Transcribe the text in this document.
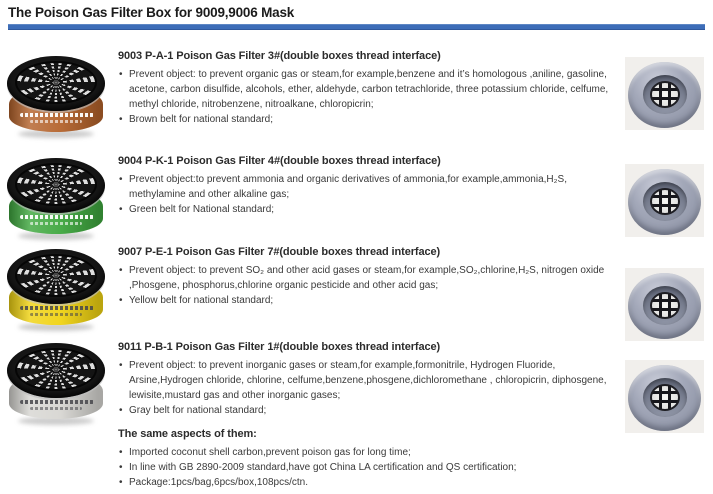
The Poison Gas Filter Box for 9009,9006 Mask
9003 P-A-1 Poison Gas Filter 3#(double boxes thread interface)
• Prevent object: to prevent organic gas or steam,for example,benzene and it’s homologous ,aniline, gasoline, acetone, carbon disulfide, alcohols, ether, aldehyde, carbon tetrachloride, three potassium chloride, celfume, methyl chloride, nitrobenzene, nitroalkane, chloropicrin;
• Brown belt for national standard;
9004 P-K-1 Poison Gas Filter 4#(double boxes thread interface)
• Prevent object:to prevent ammonia and organic derivatives of ammonia,for example,ammonia,H₂S, methylamine and other alkaline gas;
• Green belt for National standard;
9007 P-E-1 Poison Gas Filter 7#(double boxes thread interface)
• Prevent object: to prevent SO₂ and other acid gases or steam,for example,SO₂,chlorine,H₂S, nitrogen oxide ,Phosgene, phosphorus,chlorine organic pesticide and other acid gas;
• Yellow belt for national standard;
9011 P-B-1 Poison Gas Filter 1#(double boxes thread interface)
• Prevent object: to prevent inorganic gases or steam,for example,formonitrile, Hydrogen Fluoride, Arsine,Hydrogen chloride, chlorine, celfume,benzene,phosgene,dichloromethane , chloropicrin, diphosgene, lewisite,mustard gas and other inorganic gases;
• Gray belt for national standard;
The same aspects of them:
• Imported coconut shell carbon,prevent poison gas for long time;
• In line with GB 2890-2009 standard,have got China LA certification and QS certification;
• Package:1pcs/bag,6pcs/box,108pcs/ctn.
